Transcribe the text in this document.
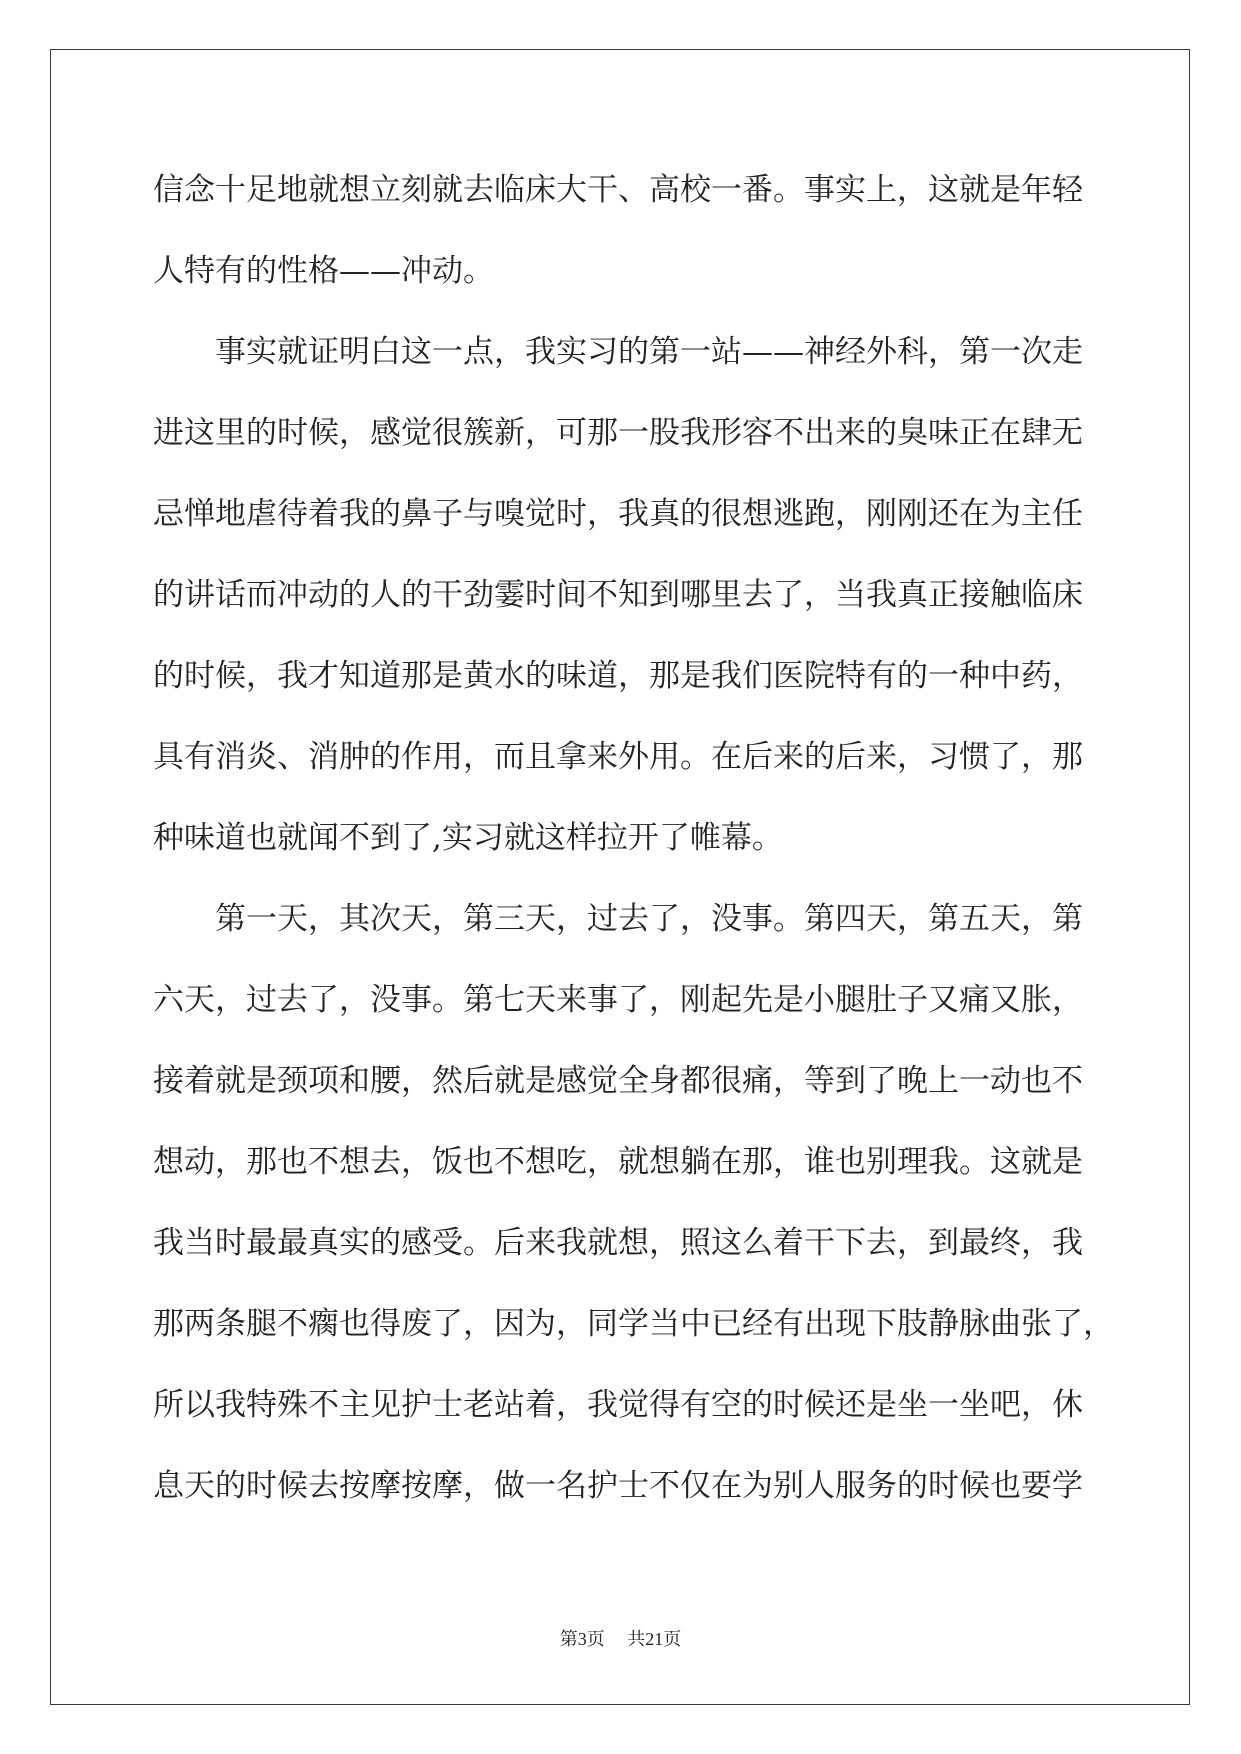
信念十足地就想立刻就去临床大干、高校一番。事实上，这就是年轻
人特有的性格——冲动。
事实就证明白这一点，我实习的第一站——神经外科，第一次走
进这里的时候，感觉很簇新，可那一股我形容不出来的臭味正在肆无
忌惮地虐待着我的鼻子与嗅觉时，我真的很想逃跑，刚刚还在为主任
的讲话而冲动的人的干劲霎时间不知到哪里去了，当我真正接触临床
的时候，我才知道那是黄水的味道，那是我们医院特有的一种中药，
具有消炎、消肿的作用，而且拿来外用。在后来的后来，习惯了，那
种味道也就闻不到了,实习就这样拉开了帷幕。
第一天，其次天，第三天，过去了，没事。第四天，第五天，第
六天，过去了，没事。第七天来事了，刚起先是小腿肚子又痛又胀，
接着就是颈项和腰，然后就是感觉全身都很痛，等到了晚上一动也不
想动，那也不想去，饭也不想吃，就想躺在那，谁也别理我。这就是
我当时最最真实的感受。后来我就想，照这么着干下去，到最终，我
那两条腿不瘸也得废了，因为，同学当中已经有出现下肢静脉曲张了，
所以我特殊不主见护士老站着，我觉得有空的时候还是坐一坐吧，休
息天的时候去按摩按摩，做一名护士不仅在为别人服务的时候也要学
第3页 共21页
